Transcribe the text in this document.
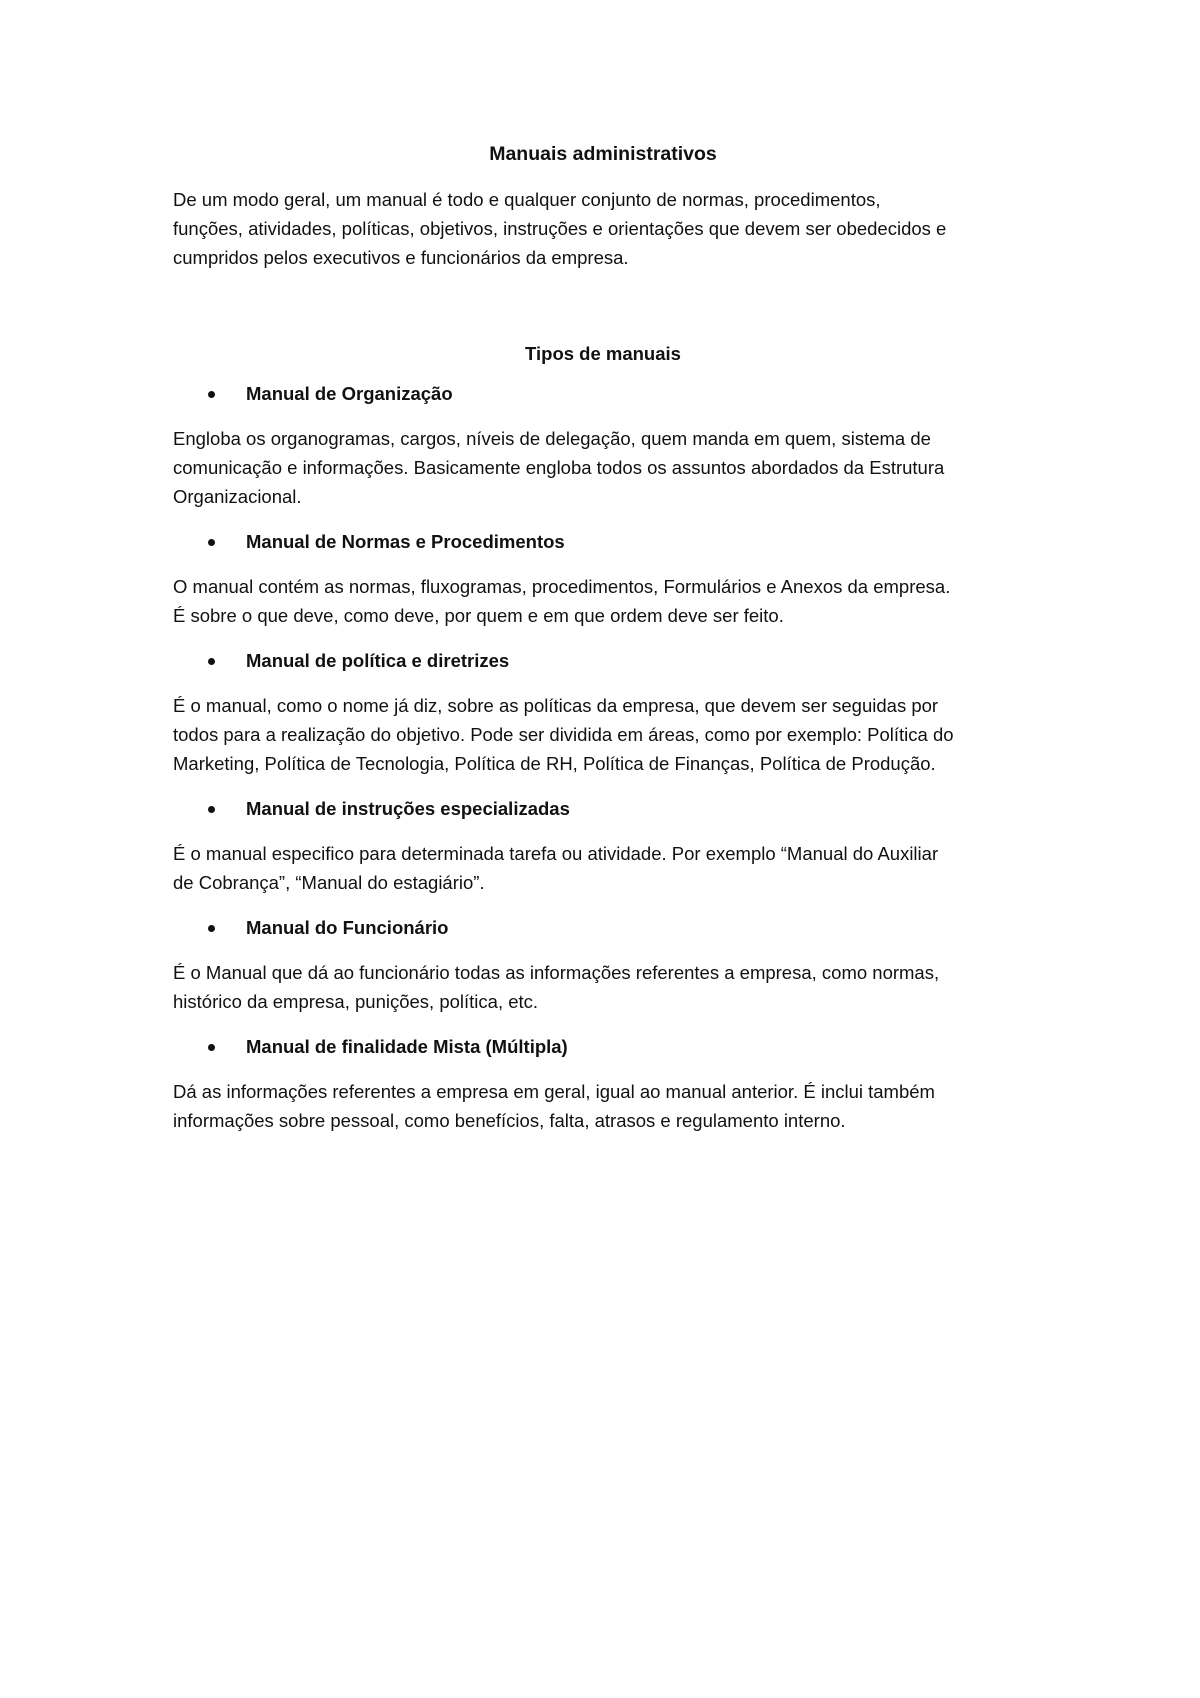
Manuais administrativos
De um modo geral, um manual é todo e qualquer conjunto de normas, procedimentos,
funções, atividades, políticas, objetivos, instruções e orientações que devem ser obedecidos e
cumpridos pelos executivos e funcionários da empresa.
Tipos de manuais
Manual de Organização
Engloba os organogramas, cargos, níveis de delegação, quem manda em quem, sistema de
comunicação e informações. Basicamente engloba todos os assuntos abordados da Estrutura
Organizacional.
Manual de Normas e Procedimentos
O manual contém as normas, fluxogramas, procedimentos, Formulários e Anexos da empresa.
É sobre o que deve, como deve, por quem e em que ordem deve ser feito.
Manual de política e diretrizes
É o manual, como o nome já diz, sobre as políticas da empresa, que devem ser seguidas por
todos para a realização do objetivo. Pode ser dividida em áreas, como por exemplo: Política do
Marketing, Política de Tecnologia, Política de RH, Política de Finanças, Política de Produção.
Manual de instruções especializadas
É o manual especifico para determinada tarefa ou atividade. Por exemplo “Manual do Auxiliar
de Cobrança”, “Manual do estagiário”.
Manual do Funcionário
É o Manual que dá ao funcionário todas as informações referentes a empresa, como normas,
histórico da empresa, punições, política, etc.
Manual de finalidade Mista (Múltipla)
Dá as informações referentes a empresa em geral, igual ao manual anterior. É inclui também
informações sobre pessoal, como benefícios, falta, atrasos e regulamento interno.
